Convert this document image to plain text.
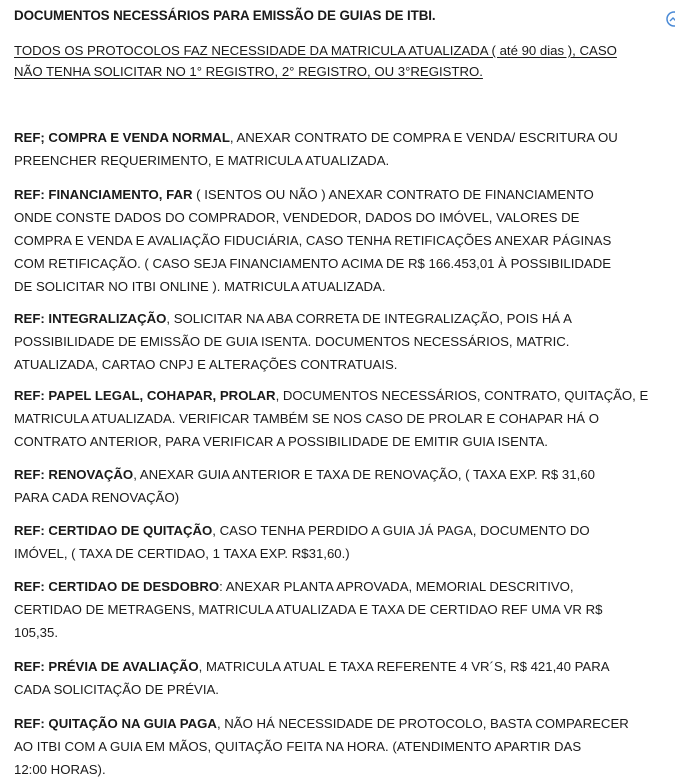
DOCUMENTOS NECESSÁRIOS PARA EMISSÃO DE GUIAS DE ITBI.
TODOS OS PROTOCOLOS FAZ NECESSIDADE DA MATRICULA ATUALIZADA ( até 90 dias ), CASO
NÃO TENHA SOLICITAR NO 1° REGISTRO, 2° REGISTRO, OU 3°REGISTRO.
REF; COMPRA E VENDA NORMAL, ANEXAR CONTRATO DE COMPRA E VENDA/ ESCRITURA OU
PREENCHER REQUERIMENTO, E MATRICULA ATUALIZADA.
REF: FINANCIAMENTO, FAR ( ISENTOS OU NÃO ) ANEXAR CONTRATO DE FINANCIAMENTO
ONDE CONSTE DADOS DO COMPRADOR, VENDEDOR, DADOS DO IMÓVEL, VALORES DE
COMPRA E VENDA E AVALIAÇÃO FIDUCIÁRIA, CASO TENHA RETIFICAÇÕES ANEXAR PÁGINAS
COM RETIFICAÇÃO. ( CASO SEJA FINANCIAMENTO ACIMA DE R$ 166.453,01 À POSSIBILIDADE
DE SOLICITAR NO ITBI ONLINE ). MATRICULA ATUALIZADA.
REF: INTEGRALIZAÇÃO, SOLICITAR NA ABA CORRETA DE INTEGRALIZAÇÃO, POIS HÁ A
POSSIBILIDADE DE EMISSÃO DE GUIA ISENTA. DOCUMENTOS NECESSÁRIOS, MATRIC.
ATUALIZADA, CARTAO CNPJ E ALTERAÇÕES CONTRATUAIS.
REF: PAPEL LEGAL, COHAPAR, PROLAR, DOCUMENTOS NECESSÁRIOS, CONTRATO, QUITAÇÃO, E
MATRICULA ATUALIZADA. VERIFICAR TAMBÉM SE NOS CASO DE PROLAR E COHAPAR HÁ O
CONTRATO ANTERIOR, PARA VERIFICAR A POSSIBILIDADE DE EMITIR GUIA ISENTA.
REF: RENOVAÇÃO, ANEXAR GUIA ANTERIOR E TAXA DE RENOVAÇÃO, ( TAXA EXP. R$ 31,60
PARA CADA RENOVAÇÃO)
REF: CERTIDAO DE QUITAÇÃO, CASO TENHA PERDIDO A GUIA JÁ PAGA, DOCUMENTO DO
IMÓVEL, ( TAXA DE CERTIDAO, 1 TAXA EXP. R$31,60.)
REF: CERTIDAO DE DESDOBRO: ANEXAR PLANTA APROVADA, MEMORIAL DESCRITIVO,
CERTIDAO DE METRAGENS, MATRICULA ATUALIZADA E TAXA DE CERTIDAO REF UMA VR R$
105,35.
REF: PRÉVIA DE AVALIAÇÃO, MATRICULA ATUAL E TAXA REFERENTE 4 VR´S, R$ 421,40 PARA
CADA SOLICITAÇÃO DE PRÉVIA.
REF: QUITAÇÃO NA GUIA PAGA, NÃO HÁ NECESSIDADE DE PROTOCOLO, BASTA COMPARECER
AO ITBI COM A GUIA EM MÃOS, QUITAÇÃO FEITA NA HORA. (ATENDIMENTO APARTIR DAS
12:00 HORAS).
